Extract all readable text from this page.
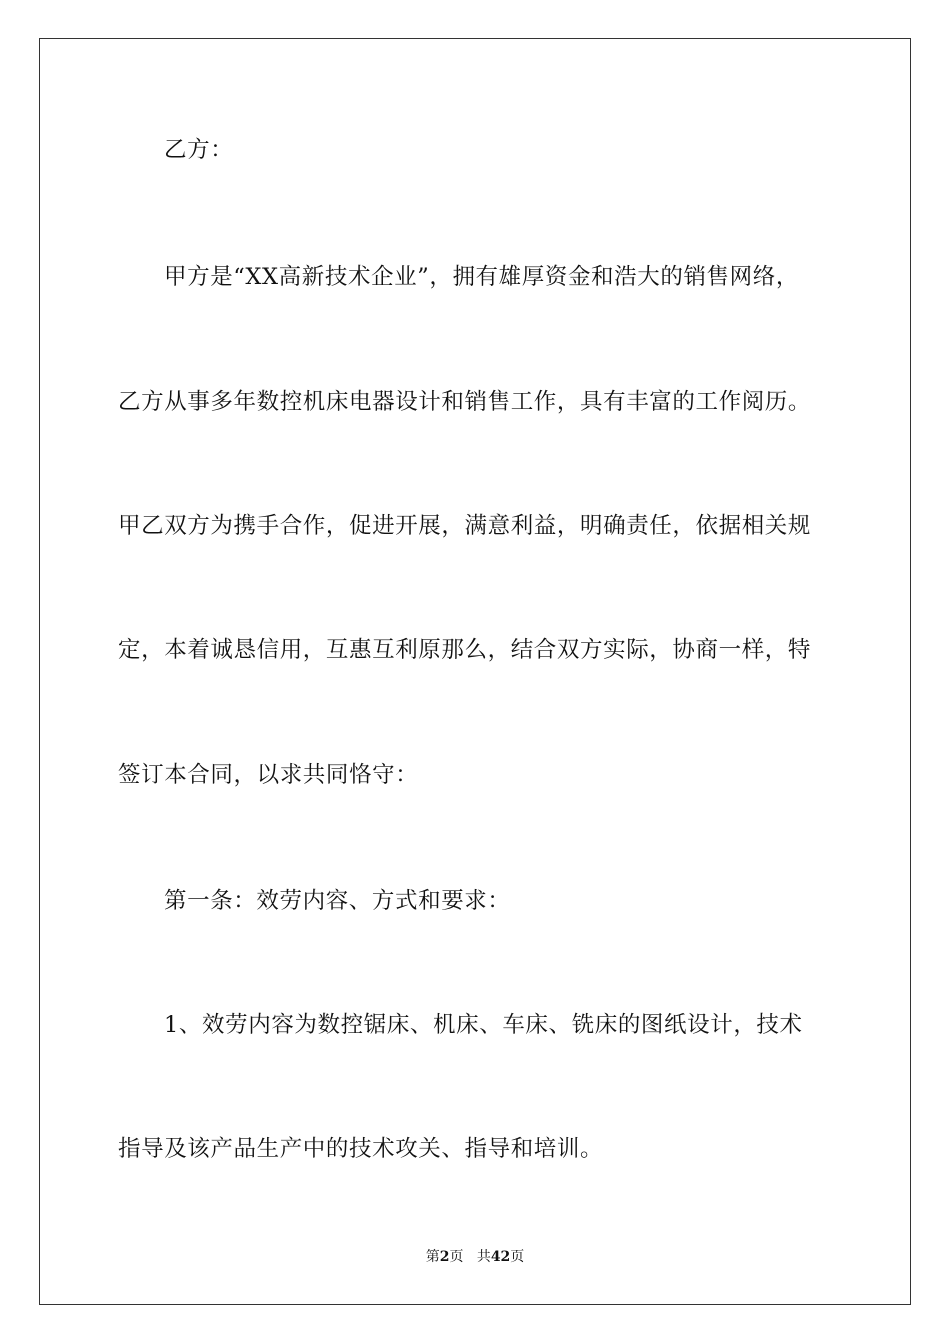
乙方：
甲方是“XX高新技术企业”，拥有雄厚资金和浩大的销售网络，
乙方从事多年数控机床电器设计和销售工作，具有丰富的工作阅历。
甲乙双方为携手合作，促进开展，满意利益，明确责任，依据相关规
定，本着诚恳信用，互惠互利原那么，结合双方实际，协商一样，特
签订本合同，以求共同恪守：
第一条：效劳内容、方式和要求：
1、效劳内容为数控锯床、机床、车床、铣床的图纸设计，技术
指导及该产品生产中的技术攻关、指导和培训。
第2页 共42页
